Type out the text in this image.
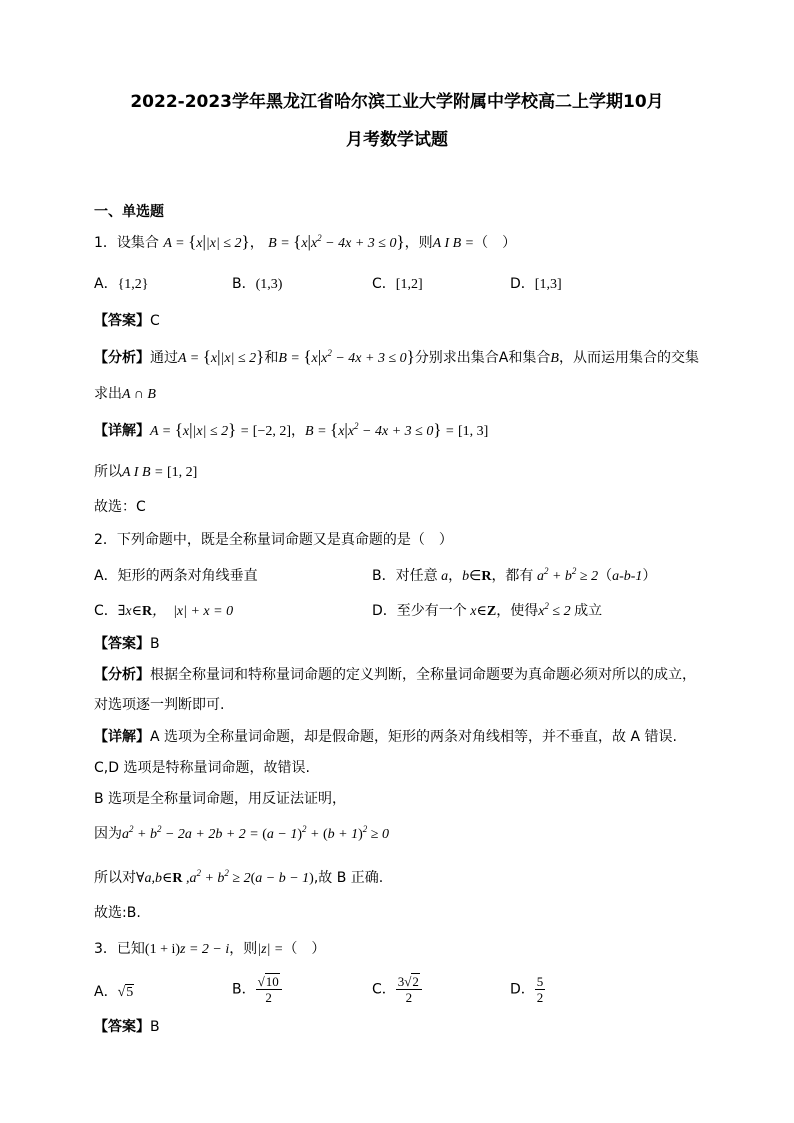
2022-2023学年黑龙江省哈尔滨工业大学附属中学校高二上学期10月
月考数学试题
一、单选题
1．设集合 A = {x||x| ≤ 2}， $B = \{x|x^2 - 4x + 3 \le 0\}$，则A I B =（　）
A．{1,2}	B．(1,3)	C．[1,2]	D．[1,3]
【答案】C
【分析】通过A = {x||x| ≤ 2}和$B = \{x|x^2 - 4x + 3 \le 0\}$分别求出集合A和集合B，从而运用集合的交集
求出A ∩ B
【详解】A = {x||x| ≤ 2} = [−2, 2]，$B = \{x|x^2 - 4x + 3 \le 0\} = [1$, 3]
所以A I B = [1, 2]
故选：C
2．下列命题中，既是全称量词命题又是真命题的是（　）
A．矩形的两条对角线垂直	B．对任意 a，b∈R，都有 $a^2 + b^2 \ge 2(a-b-1)$
C．∃x∈R，　|x| + x = 0	D．至少有一个 x∈Z，使得$x^2 \le 2$ 成立
【答案】B
【分析】根据全称量词和特称量词命题的定义判断，全称量词命题要为真命题必须对所以的成立，
对选项逐一判断即可.
【详解】A 选项为全称量词命题，却是假命题，矩形的两条对角线相等，并不垂直，故 A 错误.
C,D 选项是特称量词命题，故错误.
B 选项是全称量词命题，用反证法证明，
因为$a^2 + b^2 - 2a + 2b + 2 = (a - 1)^2 + (b + 1)^2 \ge 0$
所以对∀a,b∈R $,a^2 + b^2 \ge 2(a - b - 1)$,故 B 正确.
故选:B.
3．已知(1 + i)z = 2 − i，则|z| =（　）
A．√5	B． $\frac{√10}{2}$	C． $\frac{3√2}{2}$	D． $\frac{5}{2}$
【答案】B
